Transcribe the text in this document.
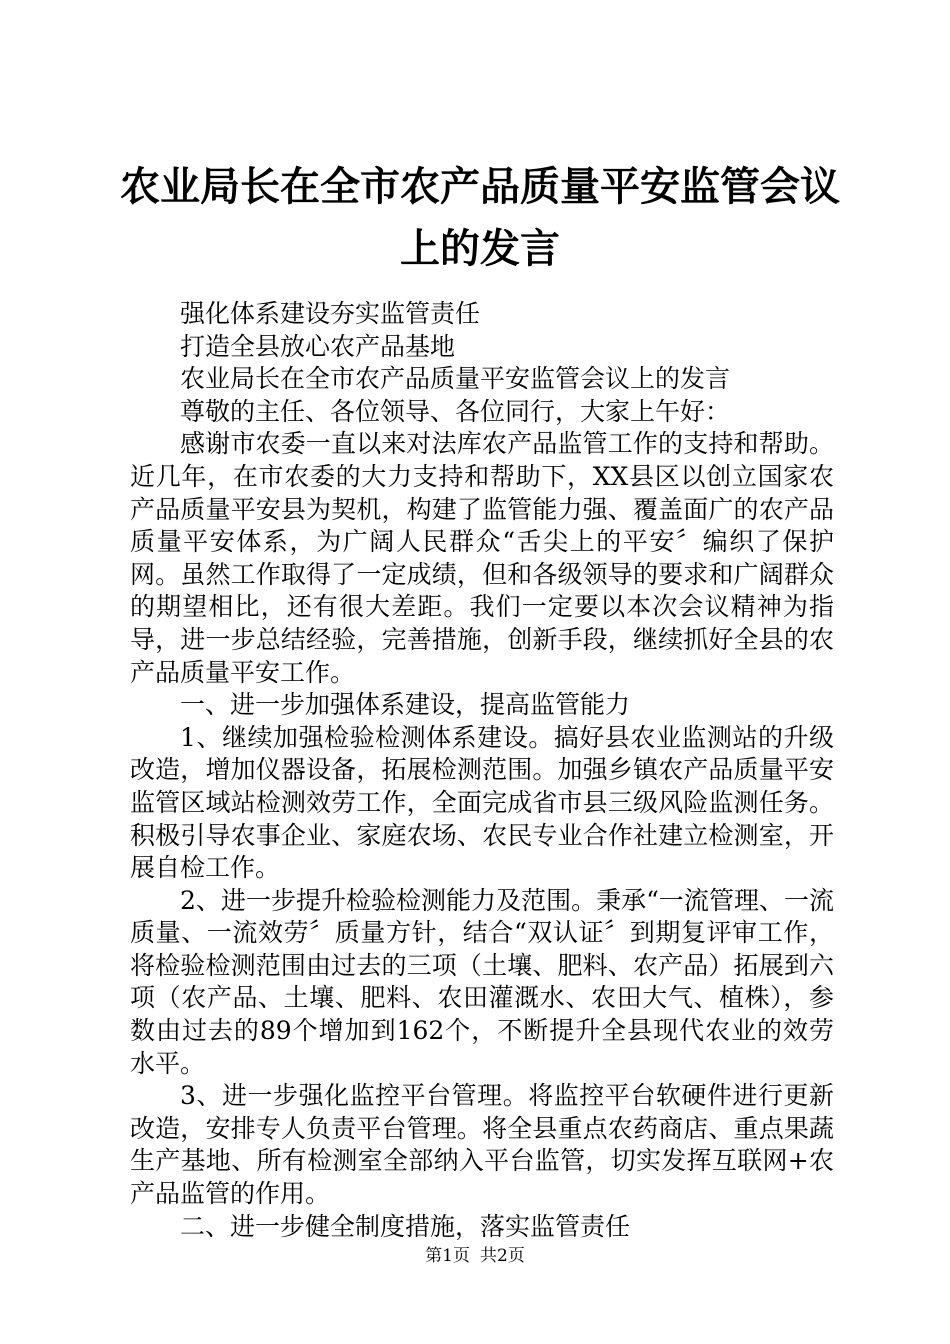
农业局长在全市农产品质量平安监管会议上的发言

强化体系建设夯实监管责任

打造全县放心农产品基地

农业局长在全市农产品质量平安监管会议上的发言

尊敬的主任、各位领导、各位同行，大家上午好：

感谢市农委一直以来对法库农产品监管工作的支持和帮助。近几年，在市农委的大力支持和帮助下，XX县区以创立国家农产品质量平安县为契机，构建了监管能力强、覆盖面广的农产品质量平安体系，为广阔人民群众“舌尖上的平安〞编织了保护网。虽然工作取得了一定成绩，但和各级领导的要求和广阔群众的期望相比，还有很大差距。我们一定要以本次会议精神为指导，进一步总结经验，完善措施，创新手段，继续抓好全县的农产品质量平安工作。

一、进一步加强体系建设，提高监管能力

1、继续加强检验检测体系建设。搞好县农业监测站的升级改造，增加仪器设备，拓展检测范围。加强乡镇农产品质量平安监管区域站检测效劳工作，全面完成省市县三级风险监测任务。积极引导农事企业、家庭农场、农民专业合作社建立检测室，开展自检工作。

2、进一步提升检验检测能力及范围。秉承“一流管理、一流质量、一流效劳〞质量方针，结合“双认证〞到期复评审工作，将检验检测范围由过去的三项（土壤、肥料、农产品）拓展到六项（农产品、土壤、肥料、农田灌溉水、农田大气、植株），参数由过去的89个增加到162个，不断提升全县现代农业的效劳水平。

3、进一步强化监控平台管理。将监控平台软硬件进行更新改造，安排专人负责平台管理。将全县重点农药商店、重点果蔬生产基地、所有检测室全部纳入平台监管，切实发挥互联网+农产品监管的作用。

二、进一步健全制度措施，落实监管责任

第1页 共2页
